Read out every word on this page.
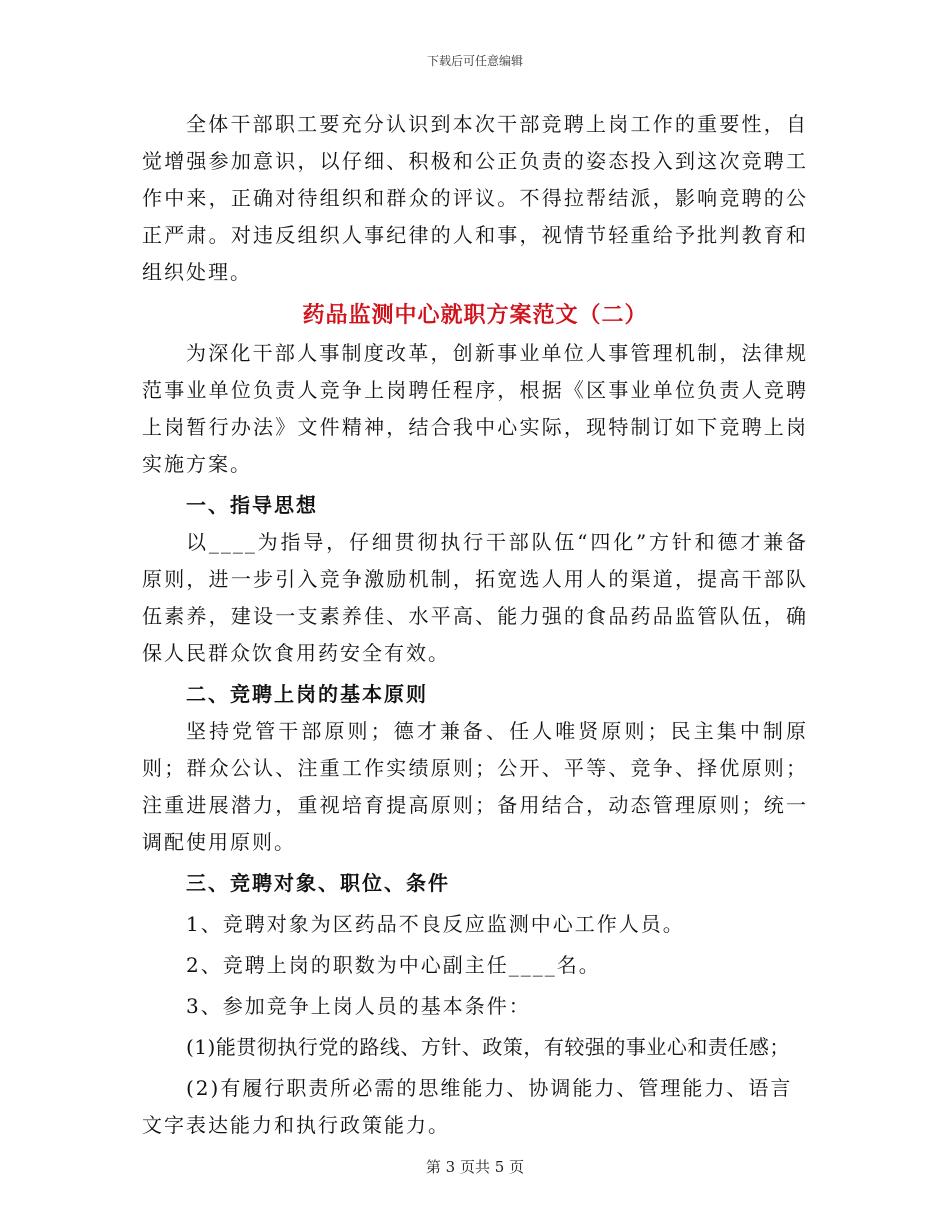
下载后可任意编辑

全体干部职工要充分认识到本次干部竞聘上岗工作的重要性，自觉增强参加意识，以仔细、积极和公正负责的姿态投入到这次竞聘工作中来，正确对待组织和群众的评议。不得拉帮结派，影响竞聘的公正严肃。对违反组织人事纪律的人和事，视情节轻重给予批判教育和组织处理。

药品监测中心就职方案范文（二）

为深化干部人事制度改革，创新事业单位人事管理机制，法律规范事业单位负责人竞争上岗聘任程序，根据《区事业单位负责人竞聘上岗暂行办法》文件精神，结合我中心实际，现特制订如下竞聘上岗实施方案。

一、指导思想

以____为指导，仔细贯彻执行干部队伍“四化”方针和德才兼备原则，进一步引入竞争激励机制，拓宽选人用人的渠道，提高干部队伍素养，建设一支素养佳、水平高、能力强的食品药品监管队伍，确保人民群众饮食用药安全有效。

二、竞聘上岗的基本原则

坚持党管干部原则；德才兼备、任人唯贤原则；民主集中制原则；群众公认、注重工作实绩原则；公开、平等、竞争、择优原则；注重进展潜力，重视培育提高原则；备用结合，动态管理原则；统一调配使用原则。

三、竞聘对象、职位、条件

1、竞聘对象为区药品不良反应监测中心工作人员。

2、竞聘上岗的职数为中心副主任____名。

3、参加竞争上岗人员的基本条件：

(1)能贯彻执行党的路线、方针、政策，有较强的事业心和责任感；

(2)有履行职责所必需的思维能力、协调能力、管理能力、语言文字表达能力和执行政策能力。

第 3 页共 5 页
